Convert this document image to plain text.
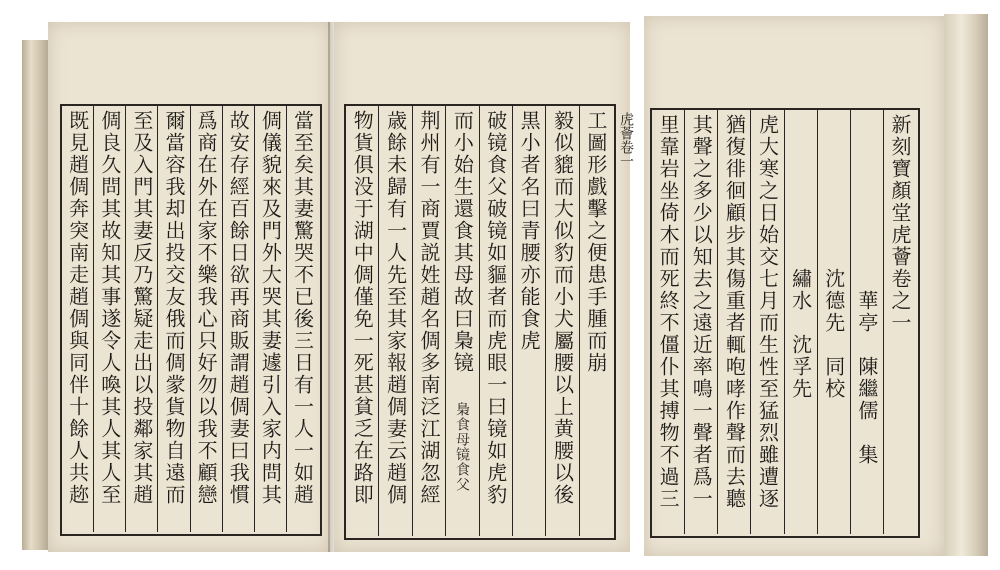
當至矣其妻驚哭不已後三日有一人一如趙
倜儀貌來及門外大哭其妻遽引入家内問其
故安存經百餘日欲再商販謂趙倜妻曰我慣
爲商在外在家不樂我心只好勿以我不顧戀
爾當容我却出投交友俄而倜䝉貨物自遠而
至及入門其妻反乃驚疑走出以投鄰家其趙
倜良久問其故知其事遂令人喚其人其人至
既見趙倜奔突南走趙倜與同伴十餘人共趂	工圖形戲擊之便患手腫而崩
毅似貔而大似豹而小犬屬腰以上黄腰以後
黒小者名曰青腰亦能食虎
破镜食父破镜如貙者而虎眼一曰镜如虎豹
而小始生還食其母故曰梟镜
荆州有一商賈説姓趙名倜多南泛江湖忽經
歳餘未歸有一人先至其家報趙倜妻云趙倜
物貨俱没于湖中倜僅免一死甚貧乏在路即	梟食母镜食父
虎薈卷一	新刻寶顏堂虎薈卷之一
　　　　　　　　華亭　陳繼儒　集
　　　　　　　沈德先　同校
　　　　　　　繡水　沈孚先
虎大寒之日始交七月而生性至猛烈雖遭逐
猶復徘徊顧步其傷重者輒咆哮作聲而去聽
其聲之多少以知去之遠近率鳴一聲者爲一
里靠岩坐倚木而死終不僵仆其搏物不過三
